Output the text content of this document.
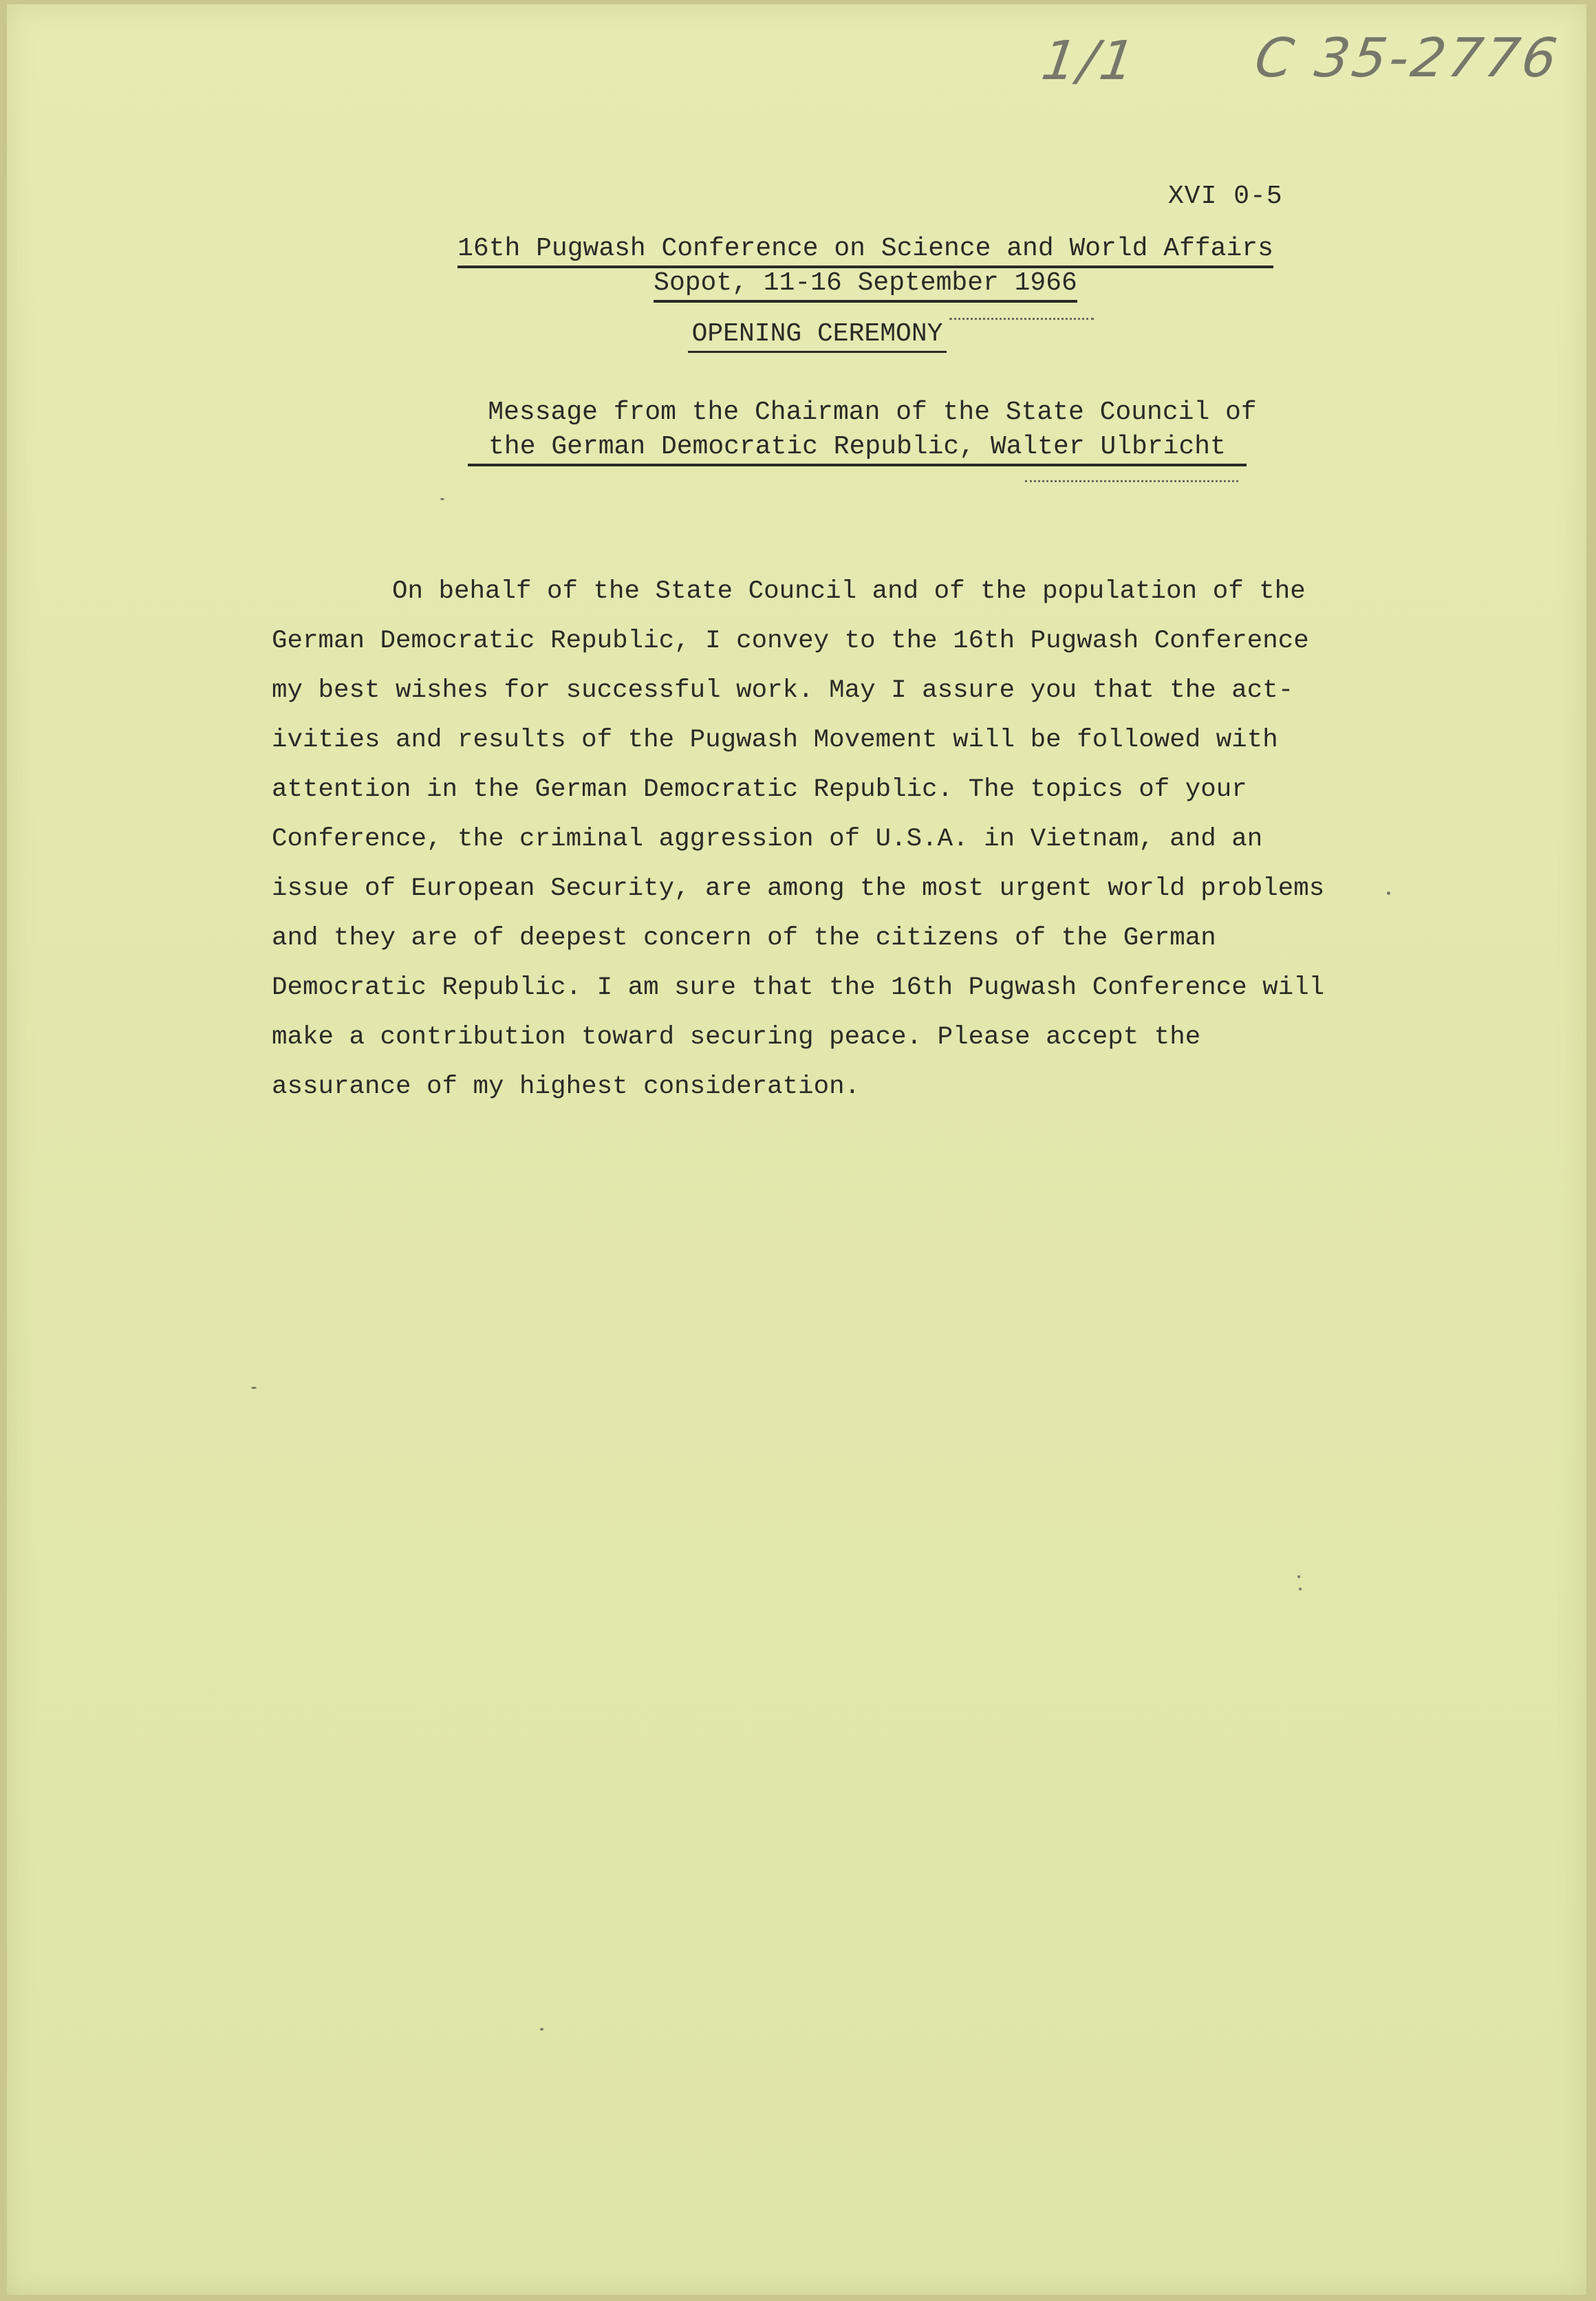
1/1 C 35-2776
XVI 0-5
16th Pugwash Conference on Science and World Affairs
Sopot, 11-16 September 1966
OPENING CEREMONY
Message from the Chairman of the State Council of
the German Democratic Republic, Walter Ulbricht
On behalf of the State Council and of the population of the
German Democratic Republic, I convey to the 16th Pugwash Conference
my best wishes for successful work. May I assure you that the act-
ivities and results of the Pugwash Movement will be followed with
attention in the German Democratic Republic. The topics of your
Conference, the criminal aggression of U.S.A. in Vietnam, and an
issue of European Security, are among the most urgent world problems
and they are of deepest concern of the citizens of the German
Democratic Republic. I am sure that the 16th Pugwash Conference will
make a contribution toward securing peace. Please accept the
assurance of my highest consideration.
